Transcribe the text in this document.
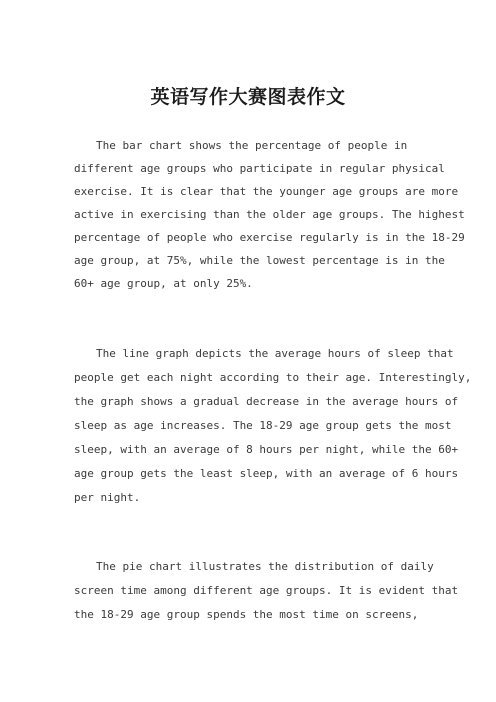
英语写作大赛图表作文
The bar chart shows the percentage of people in
different age groups who participate in regular physical
exercise. It is clear that the younger age groups are more
active in exercising than the older age groups. The highest
percentage of people who exercise regularly is in the 18-29
age group, at 75%, while the lowest percentage is in the
60+ age group, at only 25%.
The line graph depicts the average hours of sleep that
people get each night according to their age. Interestingly,
the graph shows a gradual decrease in the average hours of
sleep as age increases. The 18-29 age group gets the most
sleep, with an average of 8 hours per night, while the 60+
age group gets the least sleep, with an average of 6 hours
per night.
The pie chart illustrates the distribution of daily
screen time among different age groups. It is evident that
the 18-29 age group spends the most time on screens,
